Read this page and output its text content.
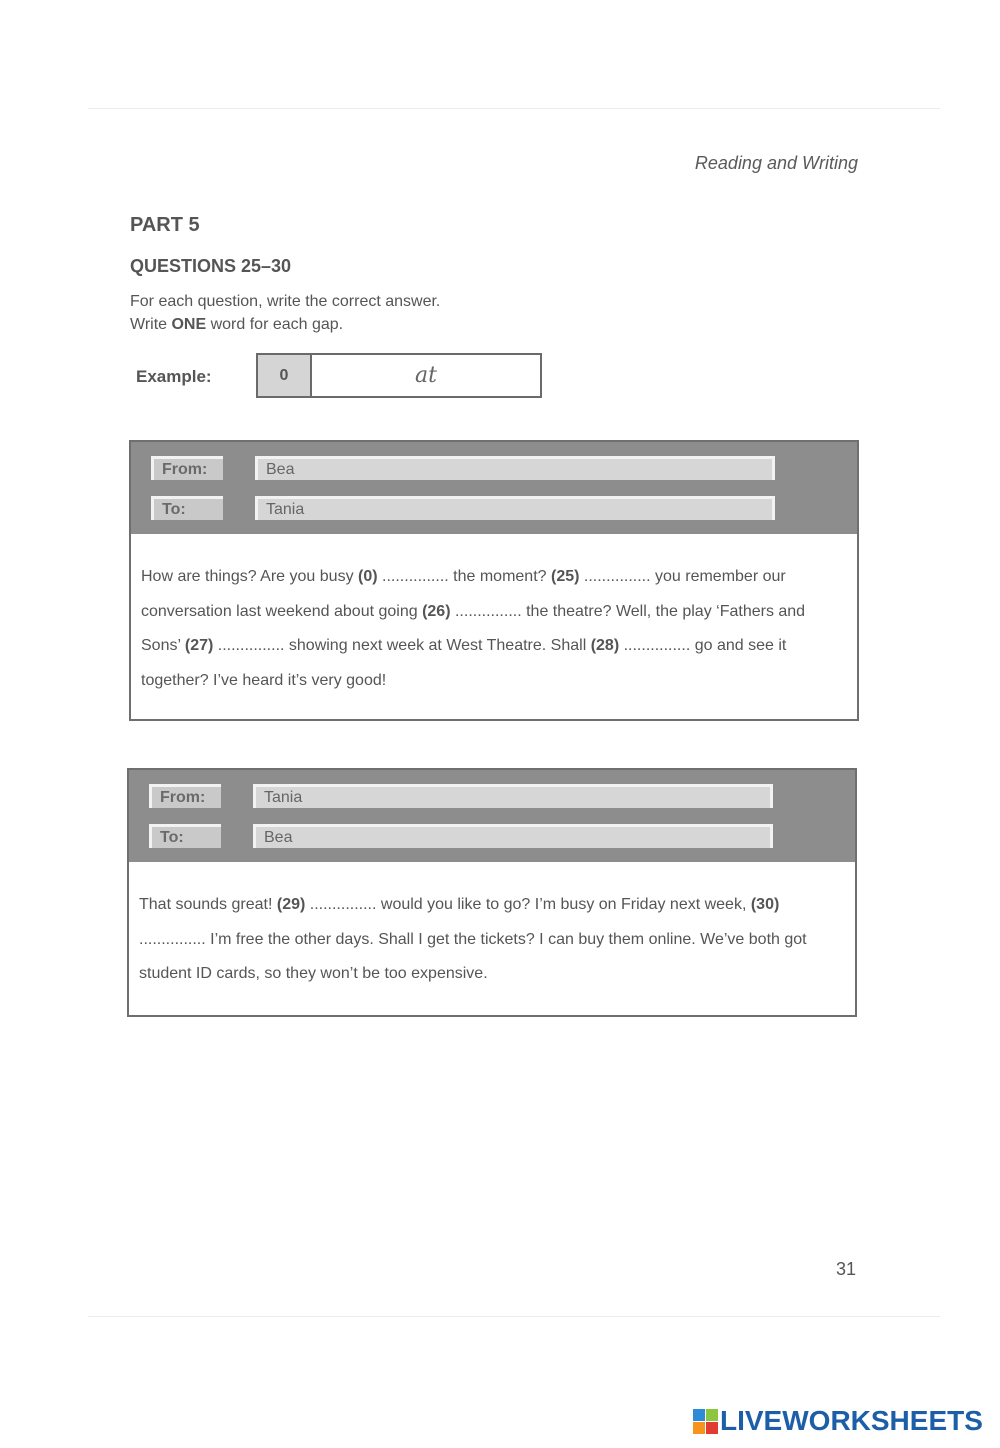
Reading and Writing
PART 5
QUESTIONS 25–30
For each question, write the correct answer.
Write ONE word for each gap.
Example:	0	at
From:	Bea
To:	Tania
How are things? Are you busy (0) ............... the moment? (25) ............... you remember our conversation last weekend about going (26) ............... the theatre? Well, the play ‘Fathers and Sons’ (27) ............... showing next week at West Theatre. Shall (28) ............... go and see it together? I’ve heard it’s very good!
From:	Tania
To:	Bea
That sounds great! (29) ............... would you like to go? I’m busy on Friday next week, (30) ............... I’m free the other days. Shall I get the tickets? I can buy them online. We’ve both got student ID cards, so they won’t be too expensive.
31
LIVEWORKSHEETS
